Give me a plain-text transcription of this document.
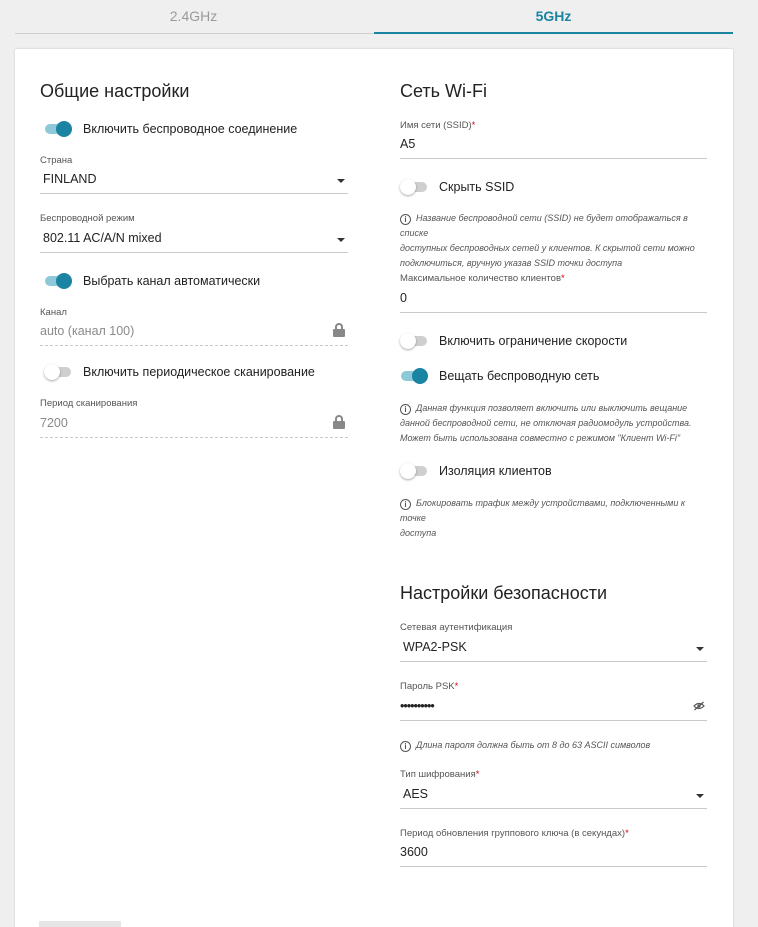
2.4GHz	5GHz
Общие настройки
Включить беспроводное соединение
Страна
FINLAND
Беспроводной режим
802.11 AC/A/N mixed
Выбрать канал автоматически
Канал
auto (канал 100)
Включить периодическое сканирование
Период сканирования
7200
Сеть Wi-Fi
Имя сети (SSID)*
A5
Скрыть SSID
i Название беспроводной сети (SSID) не будет отображаться в списке
доступных беспроводных сетей у клиентов. К скрытой сети можно
подключиться, вручную указав SSID точки доступа
Максимальное количество клиентов*
0
Включить ограничение скорости
Вещать беспроводную сеть
i Данная функция позволяет включить или выключить вещание
данной беспроводной сети, не отключая радиомодуль устройства.
Может быть использована совместно с режимом "Клиент Wi-Fi"
Изоляция клиентов
i Блокировать трафик между устройствами, подключенными к точке
доступа
Настройки безопасности
Сетевая аутентификация
WPA2-PSK
Пароль PSK*
••••••••••
i Длина пароля должна быть от 8 до 63 ASCII символов
Тип шифрования*
AES
Период обновления группового ключа (в секундах)*
3600
